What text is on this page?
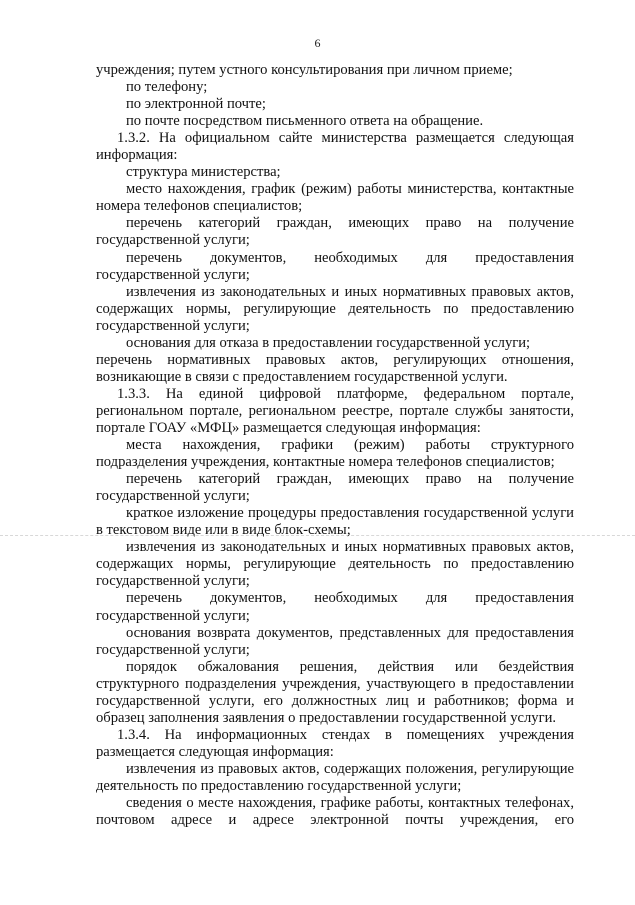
6

учреждения; путем устного консультирования при личном приеме;

по телефону;

по электронной почте;

по почте посредством письменного ответа на обращение.

1.3.2. На официальном сайте министерства размещается следующая информация:

структура министерства;

место нахождения, график (режим) работы министерства, контактные номера телефонов специалистов;

перечень категорий граждан, имеющих право на получение государственной услуги;

перечень документов, необходимых для предоставления государственной услуги;

извлечения из законодательных и иных нормативных правовых актов, содержащих нормы, регулирующие деятельность по предоставлению государственной услуги;

основания для отказа в предоставлении государственной услуги;

перечень нормативных правовых актов, регулирующих отношения, возникающие в связи с предоставлением государственной услуги.

1.3.3. На единой цифровой платформе, федеральном портале, региональном портале, региональном реестре, портале службы занятости, портале ГОАУ «МФЦ» размещается следующая информация:

места нахождения, графики (режим) работы структурного подразделения учреждения, контактные номера телефонов специалистов;

перечень категорий граждан, имеющих право на получение государственной услуги;

краткое изложение процедуры предоставления государственной услуги в текстовом виде или в виде блок-схемы;

извлечения из законодательных и иных нормативных правовых актов, содержащих нормы, регулирующие деятельность по предоставлению государственной услуги;

перечень документов, необходимых для предоставления государственной услуги;

основания возврата документов, представленных для предоставления государственной услуги;

порядок обжалования решения, действия или бездействия структурного подразделения учреждения, участвующего в предоставлении государственной услуги, его должностных лиц и работников; форма и образец заполнения заявления о предоставлении государственной услуги.

1.3.4. На информационных стендах в помещениях учреждения размещается следующая информация:

извлечения из правовых актов, содержащих положения, регулирующие деятельность по предоставлению государственной услуги;

сведения о месте нахождения, графике работы, контактных телефонах, почтовом адресе и адресе электронной почты учреждения, его
